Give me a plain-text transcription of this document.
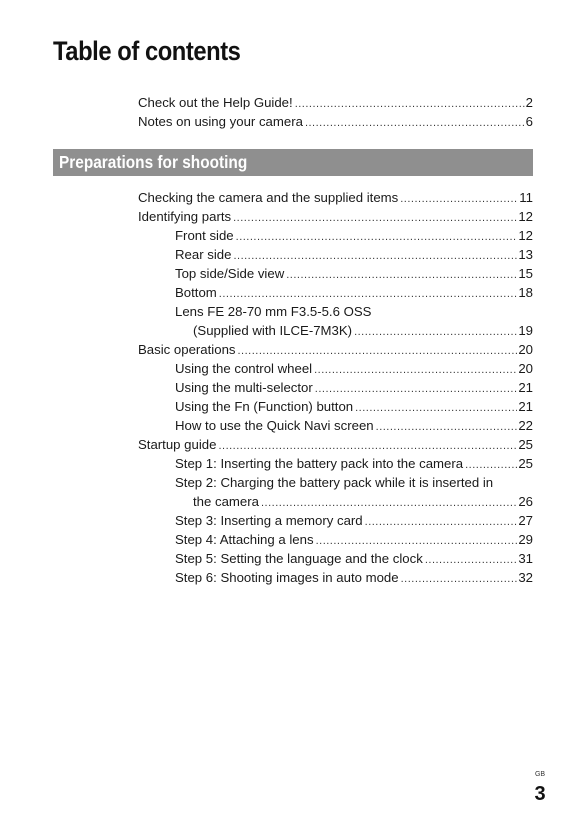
Table of contents
Check out the Help Guide! .....	2
Notes on using your camera .....	6
Preparations for shooting
Checking the camera and the supplied items .....	11
Identifying parts .....	12
Front side .....	12
Rear side .....	13
Top side/Side view .....	15
Bottom .....	18
Lens FE 28-70 mm F3.5-5.6 OSS
(Supplied with ILCE-7M3K) .....	19
Basic operations .....	20
Using the control wheel .....	20
Using the multi-selector .....	21
Using the Fn (Function) button .....	21
How to use the Quick Navi screen .....	22
Startup guide .....	25
Step 1: Inserting the battery pack into the camera .....	25
Step 2: Charging the battery pack while it is inserted in
the camera .....	26
Step 3: Inserting a memory card .....	27
Step 4: Attaching a lens .....	29
Step 5: Setting the language and the clock .....	31
Step 6: Shooting images in auto mode .....	32
GB
3
